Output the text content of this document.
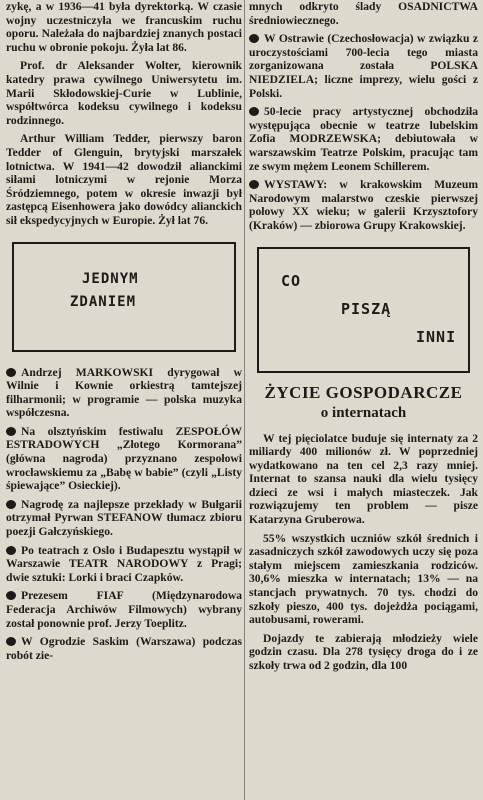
zykę, a w 1936—41 była dyrektorką. W czasie wojny uczestniczyła we francuskim ruchu oporu. Należała do najbardziej znanych postaci ruchu w obronie pokoju. Żyła lat 86.

Prof. dr Aleksander Wolter, kierownik katedry prawa cywilnego Uniwersytetu im. Marii Skłodowskiej-Curie w Lublinie, współtwórca kodeksu cywilnego i kodeksu rodzinnego.

Arthur William Tedder, pierwszy baron Tedder of Glenguin, brytyjski marszałek lotnictwa. W 1941—42 dowodził alianckimi siłami lotniczymi w rejonie Morza Śródziemnego, potem w okresie inwazji był zastępcą Eisenhowera jako dowódcy alianckich sił ekspedycyjnych w Europie. Żył lat 76.

JEDNYM
ZDANIEM

Andrzej MARKOWSKI dyrygował w Wilnie i Kownie orkiestrą tamtejszej filharmonii; w programie — polska muzyka współczesna.

Na olsztyńskim festiwalu ZESPOŁÓW ESTRADOWYCH „Złotego Kormorana” (główna nagroda) przyznano zespołowi wrocławskiemu za „Babę w babie” (czyli „Listy śpiewające” Osieckiej).

Nagrodę za najlepsze przekłady w Bułgarii otrzymał Pyrwan STEFANOW tłumacz zbioru poezji Gałczyńskiego.

Po teatrach z Oslo i Budapesztu wystąpił w Warszawie TEATR NARODOWY z Pragi; dwie sztuki: Lorki i braci Czapków.

Prezesem FIAF (Międzynarodowa Federacja Archiwów Filmowych) wybrany został ponownie prof. Jerzy Toeplitz.

W Ogrodzie Saskim (Warszawa) podczas robót zie-

mnych odkryto ślady OSADNICTWA średniowiecznego.

W Ostrawie (Czechosłowacja) w związku z uroczystościami 700-lecia tego miasta zorganizowana została POLSKA NIEDZIELA; liczne imprezy, wielu gości z Polski.

50-lecie pracy artystycznej obchodziła występująca obecnie w teatrze lubelskim Zofia MODRZEWSKA; debiutowała w warszawskim Teatrze Polskim, pracując tam ze swym mężem Leonem Schillerem.

WYSTAWY: w krakowskim Muzeum Narodowym malarstwo czeskie pierwszej połowy XX wieku; w galerii Krzysztofory (Kraków) — zbiorowa Grupy Krakowskiej.

CO
PISZĄ
INNI
ŻYCIE GOSPODARCZE
o internatach

W tej pięciolatce buduje się internaty za 2 miliardy 400 milionów zł. W poprzedniej wydatkowano na ten cel 2,3 razy mniej. Internat to szansa nauki dla wielu tysięcy dzieci ze wsi i małych miasteczek. Jak rozwiązujemy ten problem — pisze Katarzyna Gruberowa.

55% wszystkich uczniów szkół średnich i zasadniczych szkół zawodowych uczy się poza stałym miejscem zamieszkania rodziców. 30,6% mieszka w internatach; 13% — na stancjach prywatnych. 70 tys. chodzi do szkoły pieszo, 400 tys. dojeżdża pociągami, autobusami, rowerami.

Dojazdy te zabierają młodzieży wiele godzin czasu. Dla 278 tysięcy droga do i ze szkoły trwa od 2 godzin, dla 100
